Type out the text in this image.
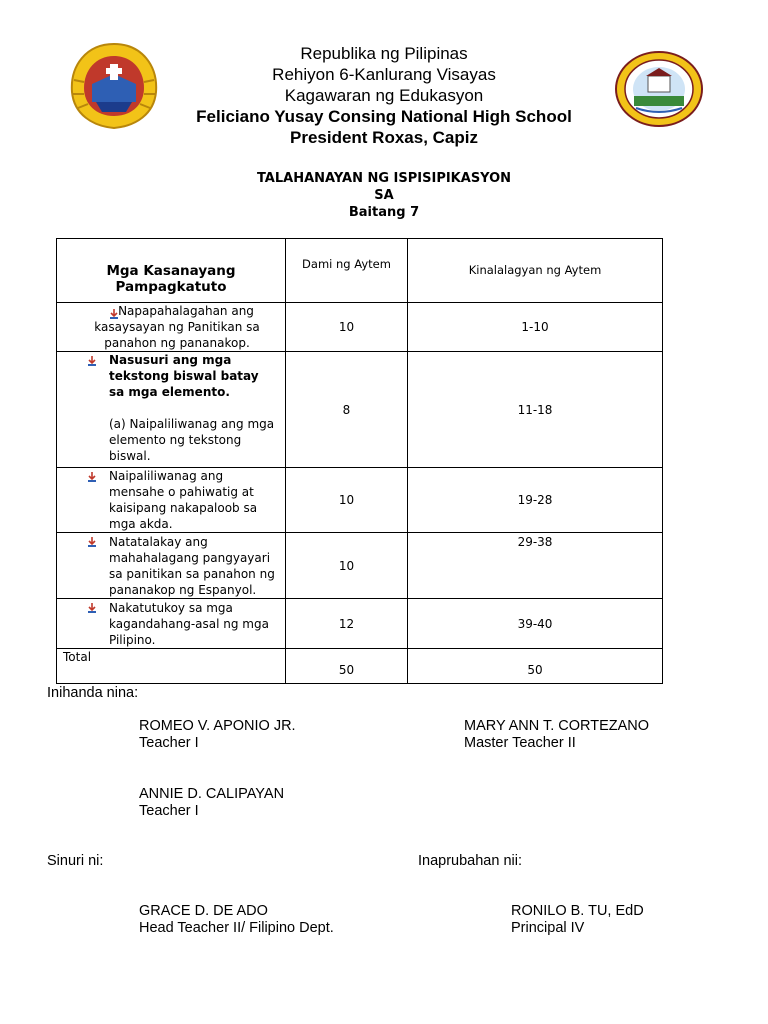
Republika ng Pilipinas
Rehiyon 6-Kanlurang Visayas
Kagawaran ng Edukasyon
Feliciano Yusay Consing National High School
President Roxas, Capiz
TALAHANAYAN NG ISPISIPIKASYON
SA
Baitang 7
Mga Kasanayang Pampagkatuto	Dami ng Aytem	Kinalalagyan ng Aytem

Napapahalagahan ang kasaysayan ng Panitikan sa panahon ng pananakop.	10	1-10

Nasusuri ang mga tekstong biswal batay sa mga elemento.
(a) Naipaliliwanag ang mga elemento ng tekstong biswal.	8	11-18

Naipaliliwanag ang mensahe o pahiwatig at kaisipang nakapaloob sa mga akda.	10	19-28

Natatalakay ang mahahalagang pangyayari sa panitikan sa panahon ng pananakop ng Espanyol.	10	29-38

Nakatutukoy sa mga kagandahang-asal ng mga Pilipino.	12	39-40
Total	50	50
Inihanda nina:
ROMEO V. APONIO JR.
Teacher I
MARY ANN T. CORTEZANO
Master Teacher II
ANNIE D. CALIPAYAN
Teacher I
Sinuri ni:	Inaprubahan nii:
GRACE D. DE ADO
Head Teacher II/ Filipino Dept.
RONILO B. TU, EdD
Principal IV
